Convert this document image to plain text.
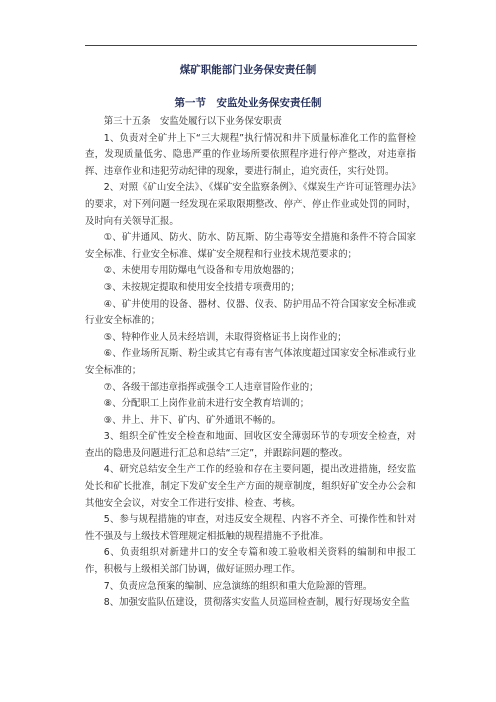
煤矿职能部门业务保安责任制
第一节　安监处业务保安责任制

第三十五条　安监处履行以下业务保安职责

1、负责对全矿井上下“三大规程”执行情况和井下质量标准化工作的监督检查，发现质量低劣、隐患严重的作业场所要依照程序进行停产整改，对违章指挥、违章作业和违犯劳动纪律的现象，要进行制止，追究责任，实行处罚。

2、对照《矿山安全法》、《煤矿安全监察条例》、《煤炭生产许可证管理办法》的要求，对下列问题一经发现在采取限期整改、停产、停止作业或处罚的同时，及时向有关领导汇报。

①、矿井通风、防火、防水、防瓦斯、防尘毒等安全措施和条件不符合国家安全标准、行业安全标准、煤矿安全规程和行业技术规范要求的；

②、未使用专用防爆电气设备和专用放炮器的；

③、未按规定提取和使用安全技措专项费用的；

④、矿井使用的设备、器材、仪器、仪表、防护用品不符合国家安全标准或行业安全标准的；

⑤、特种作业人员未经培训，未取得资格证书上岗作业的；

⑥、作业场所瓦斯、粉尘或其它有毒有害气体浓度超过国家安全标准或行业安全标准的；

⑦、各级干部违章指挥或强令工人违章冒险作业的；

⑧、分配职工上岗作业前未进行安全教育培训的；

⑨、井上、井下、矿内、矿外通讯不畅的。

3、组织全矿性安全检查和地面、回收区安全薄弱环节的专项安全检查，对查出的隐患及问题进行汇总和总结“三定”，并跟踪问题的整改。

4、研究总结安全生产工作的经验和存在主要问题，提出改进措施，经安监处长和矿长批准，制定下发矿安全生产方面的规章制度，组织好矿安全办公会和其他安全会议，对安全工作进行安排、检查、考核。

5、参与规程措施的审查，对违反安全规程、内容不齐全、可操作性和针对性不强及与上级技术管理规定相抵触的规程措施不予批准。

6、负责组织对新建井口的安全专篇和竣工验收相关资料的编制和申报工作，积极与上级相关部门协调，做好证照办理工作。

7、负责应急预案的编制、应急演练的组织和重大危险源的管理。

8、加强安监队伍建设，贯彻落实安监人员巡回检查制，履行好现场安全监
